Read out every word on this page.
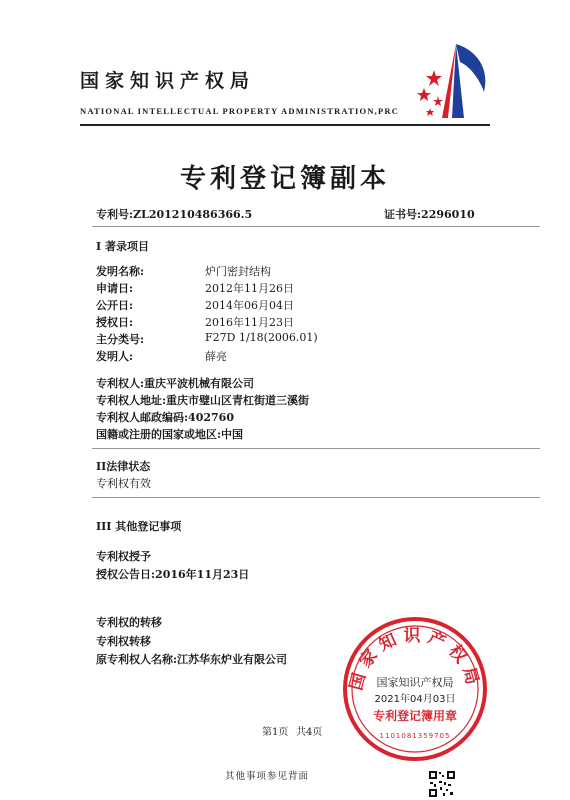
国家知识产权局
NATIONAL INTELLECTUAL PROPERTY ADMINISTRATION,PRC
专利登记簿副本
专利号:ZL201210486366.5	证书号:2296010
I 著录项目
发明名称:	炉门密封结构
申请日:	2012年11月26日
公开日:	2014年06月04日
授权日:	2016年11月23日
主分类号:	F27D 1/18(2006.01)
发明人:	薛亮
专利权人:重庆平波机械有限公司
专利权人地址:重庆市璧山区青杠街道三溪街
专利权人邮政编码:402760
国籍或注册的国家或地区:中国
II法律状态
专利权有效
III 其他登记事项
专利权授予
授权公告日:2016年11月23日
专利权的转移
专利权转移
原专利权人名称:江苏华东炉业有限公司
国家知识产权局
国家知识产权局
2021年04月03日
专利登记簿用章
1101081359705
第1页 共4页
其他事项参见背面
